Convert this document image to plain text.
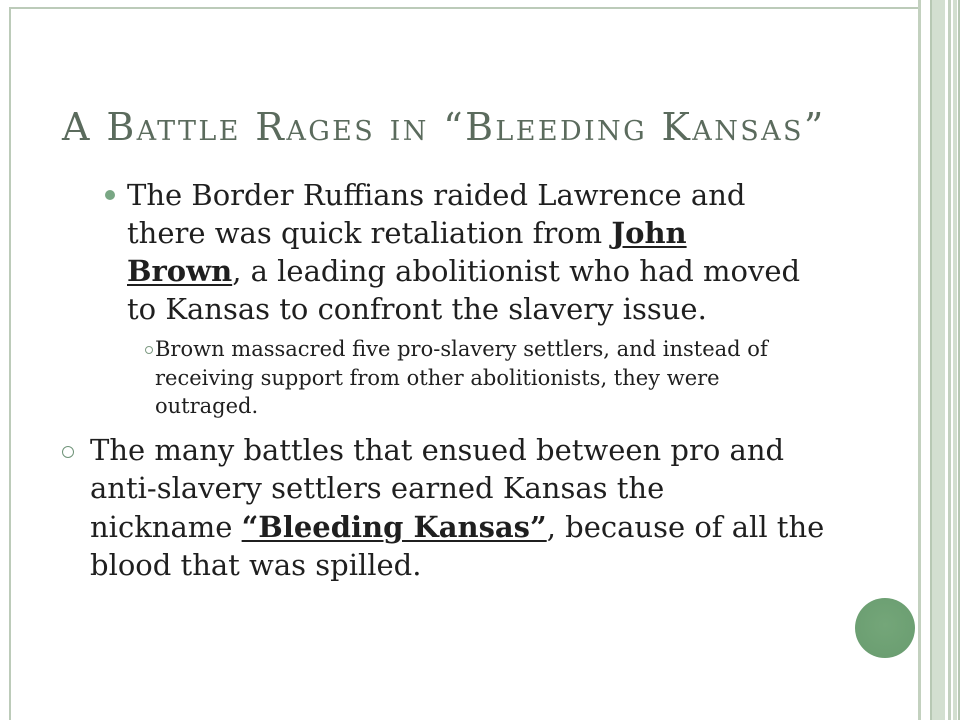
A Battle Rages in “Bleeding Kansas”
The Border Ruffians raided Lawrence and
there was quick retaliation from John
Brown, a leading abolitionist who had moved
to Kansas to confront the slavery issue.
Brown massacred five pro-slavery settlers, and instead of
receiving support from other abolitionists, they were
outraged.
The many battles that ensued between pro and
anti-slavery settlers earned Kansas the
nickname “Bleeding Kansas”, because of all the
blood that was spilled.
